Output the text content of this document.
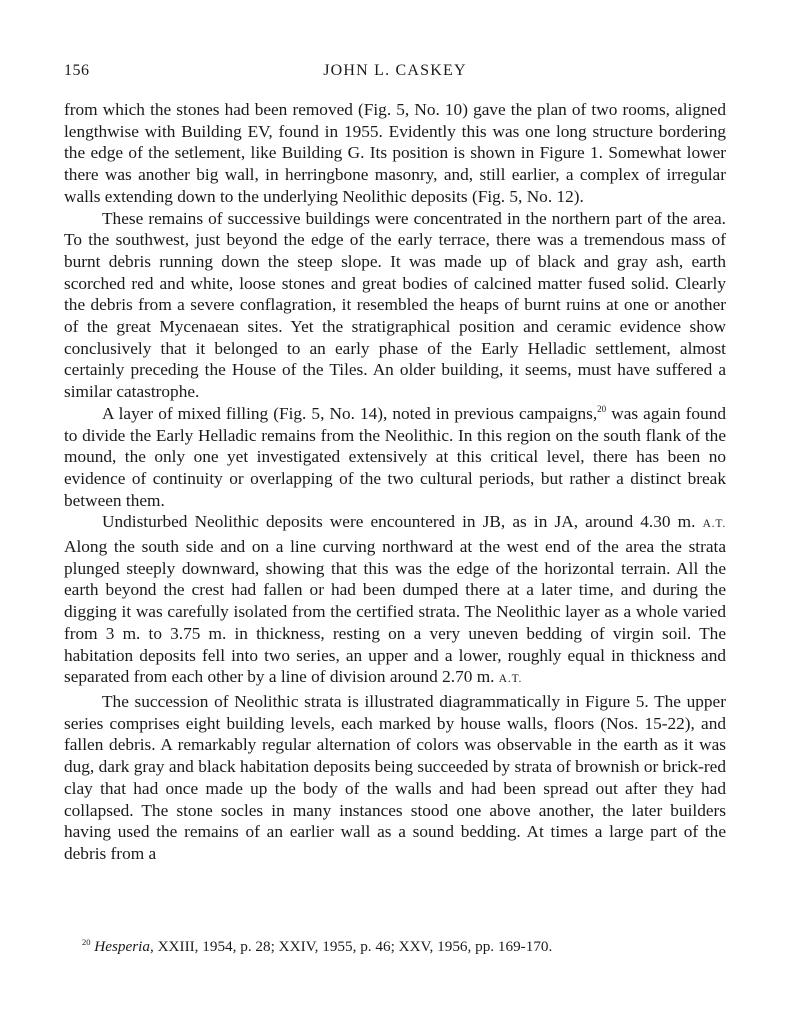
156	JOHN L. CASKEY

from which the stones had been removed (Fig. 5, No. 10) gave the plan of two rooms, aligned lengthwise with Building EV, found in 1955. Evidently this was one long structure bordering the edge of the setlement, like Building G. Its position is shown in Figure 1. Somewhat lower there was another big wall, in herringbone masonry, and, still earlier, a complex of irregular walls extending down to the underlying Neolithic deposits (Fig. 5, No. 12).

These remains of successive buildings were concentrated in the northern part of the area. To the southwest, just beyond the edge of the early terrace, there was a tremendous mass of burnt debris running down the steep slope. It was made up of black and gray ash, earth scorched red and white, loose stones and great bodies of calcined matter fused solid. Clearly the debris from a severe conflagration, it resembled the heaps of burnt ruins at one or another of the great Mycenaean sites. Yet the stratigraphical position and ceramic evidence show conclusively that it belonged to an early phase of the Early Helladic settlement, almost certainly preceding the House of the Tiles. An older building, it seems, must have suffered a similar catastrophe.

A layer of mixed filling (Fig. 5, No. 14), noted in previous campaigns,$^{20}$ was again found to divide the Early Helladic remains from the Neolithic. In this region on the south flank of the mound, the only one yet investigated extensively at this critical level, there has been no evidence of continuity or overlapping of the two cultural periods, but rather a distinct break between them.

Undisturbed Neolithic deposits were encountered in JB, as in JA, around 4.30 m. A.T. Along the south side and on a line curving northward at the west end of the area the strata plunged steeply downward, showing that this was the edge of the horizontal terrain. All the earth beyond the crest had fallen or had been dumped there at a later time, and during the digging it was carefully isolated from the certified strata. The Neolithic layer as a whole varied from 3 m. to 3.75 m. in thickness, resting on a very uneven bedding of virgin soil. The habitation deposits fell into two series, an upper and a lower, roughly equal in thickness and separated from each other by a line of division around 2.70 m. A.T.

The succession of Neolithic strata is illustrated diagrammatically in Figure 5. The upper series comprises eight building levels, each marked by house walls, floors (Nos. 15-22), and fallen debris. A remarkably regular alternation of colors was observable in the earth as it was dug, dark gray and black habitation deposits being succeeded by strata of brownish or brick-red clay that had once made up the body of the walls and had been spread out after they had collapsed. The stone socles in many instances stood one above another, the later builders having used the remains of an earlier wall as a sound bedding. At times a large part of the debris from a

$^{20}$ Hesperia, XXIII, 1954, p. 28; XXIV, 1955, p. 46; XXV, 1956, pp. 169-170.
